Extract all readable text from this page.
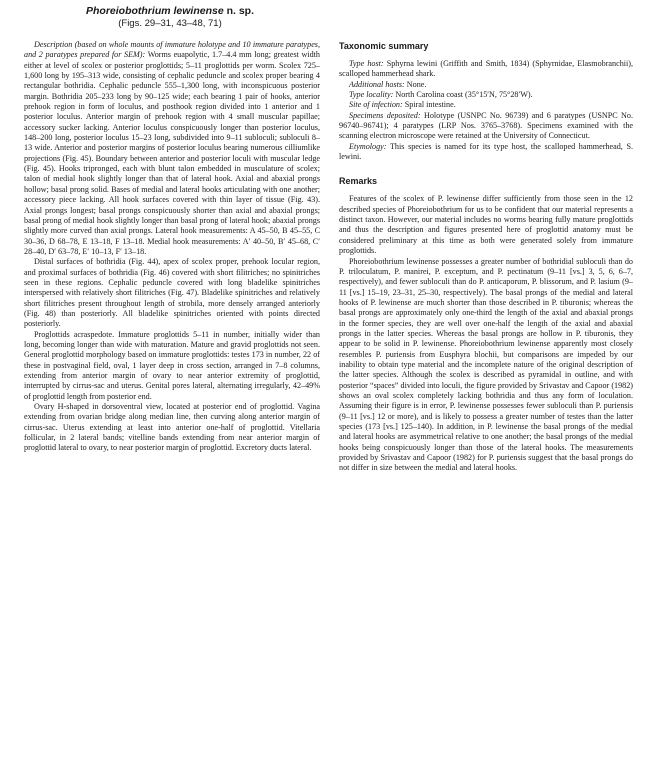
Phoreiobothrium lewinense n. sp.
(Figs. 29–31, 43–48, 71)

Description (based on whole mounts of immature holotype and 10 immature paratypes, and 2 paratypes prepared for SEM): Worms euapolytic, 1.7–4.4 mm long; greatest width either at level of scolex or posterior proglottids; 5–11 proglottids per worm. Scolex 725–1,600 long by 195–313 wide, consisting of cephalic peduncle and scolex proper bearing 4 rectangular bothridia. Cephalic peduncle 555–1,300 long, with inconspicuous posterior margin. Bothridia 205–233 long by 90–125 wide; each bearing 1 pair of hooks, anterior prehook region in form of loculus, and posthook region divided into 1 anterior and 1 posterior loculus. Anterior margin of prehook region with 4 small muscular papillae; accessory sucker lacking. Anterior loculus conspicuously longer than posterior loculus, 148–200 long, posterior loculus 15–23 long, subdivided into 9–11 subloculi; subloculi 8–13 wide. Anterior and posterior margins of posterior loculus bearing numerous cilliumlike projections (Fig. 45). Boundary between anterior and posterior loculi with muscular ledge (Fig. 45). Hooks tripronged, each with blunt talon embedded in musculature of scolex; talon of medial hook slightly longer than that of lateral hook. Axial and abaxial prongs hollow; basal prong solid. Bases of medial and lateral hooks articulating with one another; accessory piece lacking. All hook surfaces covered with thin layer of tissue (Fig. 43). Axial prongs longest; basal prongs conspicuously shorter than axial and abaxial prongs; basal prong of medial hook slightly longer than basal prong of lateral hook; abaxial prongs slightly more curved than axial prongs. Lateral hook measurements: A 45–50, B 45–55, C 30–36, D 68–78, E 13–18, F 13–18. Medial hook measurements: A′ 40–50, B′ 45–68, C′ 28–40, D′ 63–78, E′ 10–13, F′ 13–18.

Distal surfaces of bothridia (Fig. 44), apex of scolex proper, prehook locular region, and proximal surfaces of bothridia (Fig. 46) covered with short filitriches; no spinitriches seen in these regions. Cephalic peduncle covered with long bladelike spinitriches interspersed with relatively short filitriches (Fig. 47). Bladelike spinitriches and relatively short filitriches present throughout length of strobila, more densely arranged anteriorly (Fig. 48) than posteriorly. All bladelike spinitriches oriented with points directed posteriorly.

Proglottids acraspedote. Immature proglottids 5–11 in number, initially wider than long, becoming longer than wide with maturation. Mature and gravid proglottids not seen. General proglottid morphology based on immature proglottids: testes 173 in number, 22 of these in postvaginal field, oval, 1 layer deep in cross section, arranged in 7–8 columns, extending from anterior margin of ovary to near anterior extremity of proglottid, interrupted by cirrus-sac and uterus. Genital pores lateral, alternating irregularly, 42–49% of proglottid length from posterior end.

Ovary H-shaped in dorsoventral view, located at posterior end of proglottid. Vagina extending from ovarian bridge along median line, then curving along anterior margin of cirrus-sac. Uterus extending at least into anterior one-half of proglottid. Vitellaria follicular, in 2 lateral bands; vitelline bands extending from near anterior margin of proglottid lateral to ovary, to near posterior margin of proglottid. Excretory ducts lateral.

Taxonomic summary

Type host: Sphyrna lewini (Griffith and Smith, 1834) (Sphyrnidae, Elasmobranchii), scalloped hammerhead shark.

Additional hosts: None.

Type locality: North Carolina coast (35°15′N, 75°28′W).

Site of infection: Spiral intestine.

Specimens deposited: Holotype (USNPC No. 96739) and 6 paratypes (USNPC No. 96740–96741); 4 paratypes (LRP Nos. 3765–3768). Specimens examined with the scanning electron microscope were retained at the University of Connecticut.

Etymology: This species is named for its type host, the scalloped hammerhead, S. lewini.

Remarks

Features of the scolex of P. lewinense differ sufficiently from those seen in the 12 described species of Phoreiobothrium for us to be confident that our material represents a distinct taxon. However, our material includes no worms bearing fully mature proglottids and thus the description and figures presented here of proglottid anatomy must be considered preliminary at this time as both were generated solely from immature proglottids.

Phoreiobothrium lewinense possesses a greater number of bothridial subloculi than do P. triloculatum, P. manirei, P. exceptum, and P. pectinatum (9–11 [vs.] 3, 5, 6, 6–7, respectively), and fewer subloculi than do P. anticaporum, P. blissorum, and P. lasium (9–11 [vs.] 15–19, 23–31, 25–30, respectively). The basal prongs of the medial and lateral hooks of P. lewinense are much shorter than those described in P. tiburonis; whereas the basal prongs are approximately only one-third the length of the axial and abaxial prongs in the former species, they are well over one-half the length of the axial and abaxial prongs in the latter species. Whereas the basal prongs are hollow in P. tiburonis, they appear to be solid in P. lewinense. Phoreiobothrium lewinense apparently most closely resembles P. puriensis from Eusphyra blochii, but comparisons are impeded by our inability to obtain type material and the incomplete nature of the original description of the latter species. Although the scolex is described as pyramidal in outline, and with posterior “spaces” divided into loculi, the figure provided by Srivastav and Capoor (1982) shows an oval scolex completely lacking bothridia and thus any form of loculation. Assuming their figure is in error, P. lewinense possesses fewer subloculi than P. puriensis (9–11 [vs.] 12 or more), and is likely to possess a greater number of testes than the latter species (173 [vs.] 125–140). In addition, in P. lewinense the basal prongs of the medial and lateral hooks are asymmetrical relative to one another; the basal prongs of the medial hooks being conspicuously longer than those of the lateral hooks. The measurements provided by Srivastav and Capoor (1982) for P. puriensis suggest that the basal prongs do not differ in size between the medial and lateral hooks.
